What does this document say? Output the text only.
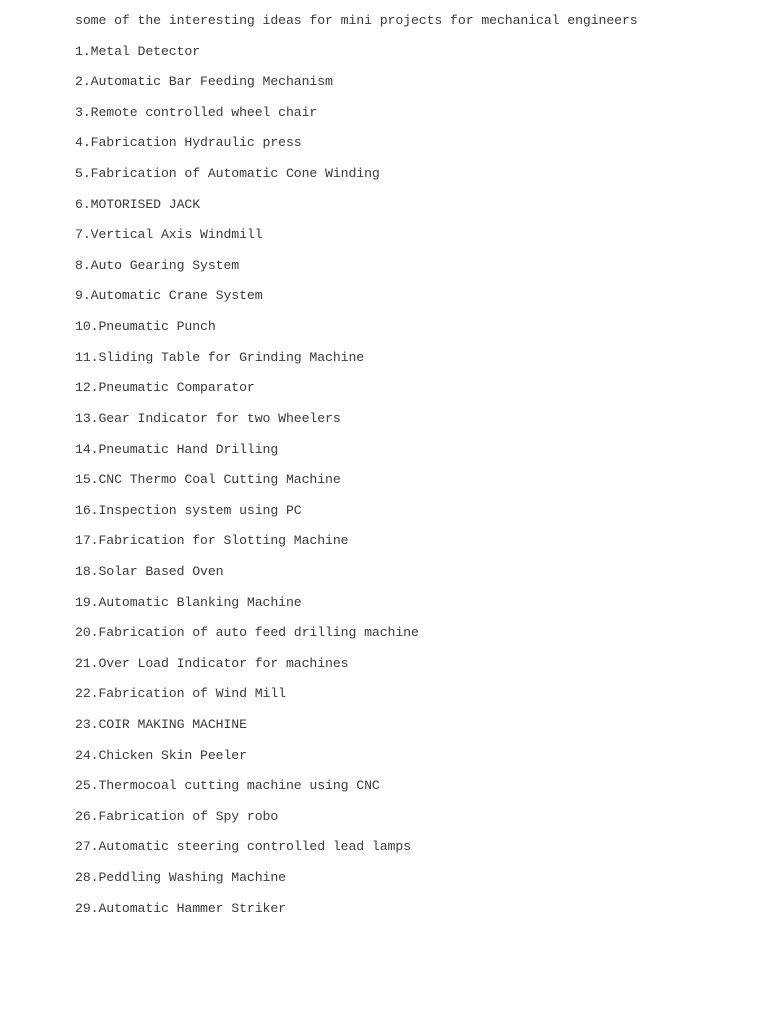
some of the interesting ideas for mini projects for mechanical engineers
1.Metal Detector
2.Automatic Bar Feeding Mechanism
3.Remote controlled wheel chair
4.Fabrication Hydraulic press
5.Fabrication of Automatic Cone Winding
6.MOTORISED JACK
7.Vertical Axis Windmill
8.Auto Gearing System
9.Automatic Crane System
10.Pneumatic Punch
11.Sliding Table for Grinding Machine
12.Pneumatic Comparator
13.Gear Indicator for two Wheelers
14.Pneumatic Hand Drilling
15.CNC Thermo Coal Cutting Machine
16.Inspection system using PC
17.Fabrication for Slotting Machine
18.Solar Based Oven
19.Automatic Blanking Machine
20.Fabrication of auto feed drilling machine
21.Over Load Indicator for machines
22.Fabrication of Wind Mill
23.COIR MAKING MACHINE
24.Chicken Skin Peeler
25.Thermocoal cutting machine using CNC
26.Fabrication of Spy robo
27.Automatic steering controlled lead lamps
28.Peddling Washing Machine
29.Automatic Hammer Striker
